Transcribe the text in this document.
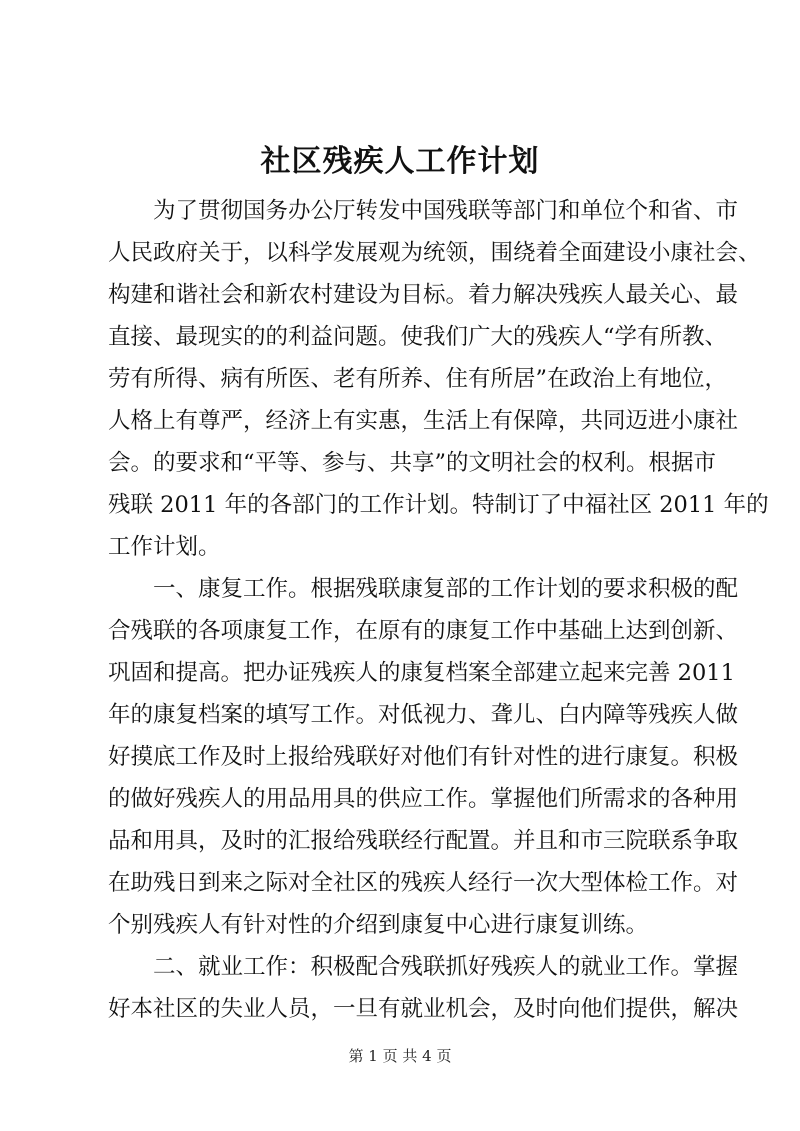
社区残疾人工作计划
　　为了贯彻国务办公厅转发中国残联等部门和单位个和省、市
人民政府关于，以科学发展观为统领，围绕着全面建设小康社会、
构建和谐社会和新农村建设为目标。着力解决残疾人最关心、最
直接、最现实的的利益问题。使我们广大的残疾人“学有所教、
劳有所得、病有所医、老有所养、住有所居”在政治上有地位，
人格上有尊严，经济上有实惠，生活上有保障，共同迈进小康社
会。的要求和“平等、参与、共享”的文明社会的权利。根据市
残联 2011 年的各部门的工作计划。特制订了中福社区 2011 年的
工作计划。
　　一、康复工作。根据残联康复部的工作计划的要求积极的配
合残联的各项康复工作，在原有的康复工作中基础上达到创新、
巩固和提高。把办证残疾人的康复档案全部建立起来完善 2011
年的康复档案的填写工作。对低视力、聋儿、白内障等残疾人做
好摸底工作及时上报给残联好对他们有针对性的进行康复。积极
的做好残疾人的用品用具的供应工作。掌握他们所需求的各种用
品和用具，及时的汇报给残联经行配置。并且和市三院联系争取
在助残日到来之际对全社区的残疾人经行一次大型体检工作。对
个别残疾人有针对性的介绍到康复中心进行康复训练。
　　二、就业工作：积极配合残联抓好残疾人的就业工作。掌握
好本社区的失业人员，一旦有就业机会，及时向他们提供，解决
第 1 页 共 4 页
